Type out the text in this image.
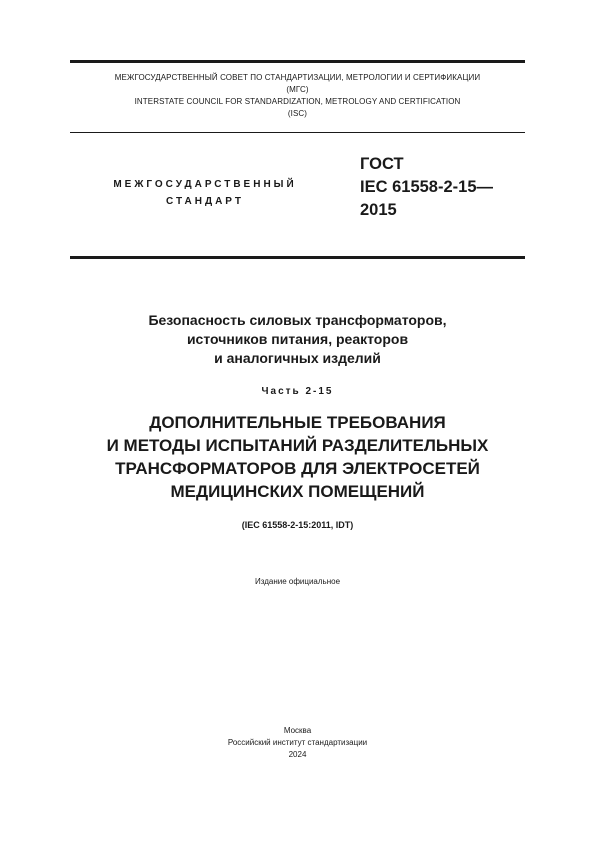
МЕЖГОСУДАРСТВЕННЫЙ СОВЕТ ПО СТАНДАРТИЗАЦИИ, МЕТРОЛОГИИ И СЕРТИФИКАЦИИ
(МГС)
INTERSTATE COUNCIL FOR STANDARDIZATION, METROLOGY AND CERTIFICATION
(ISC)
МЕЖГОСУДАРСТВЕННЫЙ
СТАНДАРТ
ГОСТ
IEC 61558-2-15—
2015
Безопасность силовых трансформаторов,
источников питания, реакторов
и аналогичных изделий
Часть 2-15
ДОПОЛНИТЕЛЬНЫЕ ТРЕБОВАНИЯ
И МЕТОДЫ ИСПЫТАНИЙ РАЗДЕЛИТЕЛЬНЫХ
ТРАНСФОРМАТОРОВ ДЛЯ ЭЛЕКТРОСЕТЕЙ
МЕДИЦИНСКИХ ПОМЕЩЕНИЙ
(IEC 61558-2-15:2011, IDT)
Издание официальное
Москва
Российский институт стандартизации
2024
